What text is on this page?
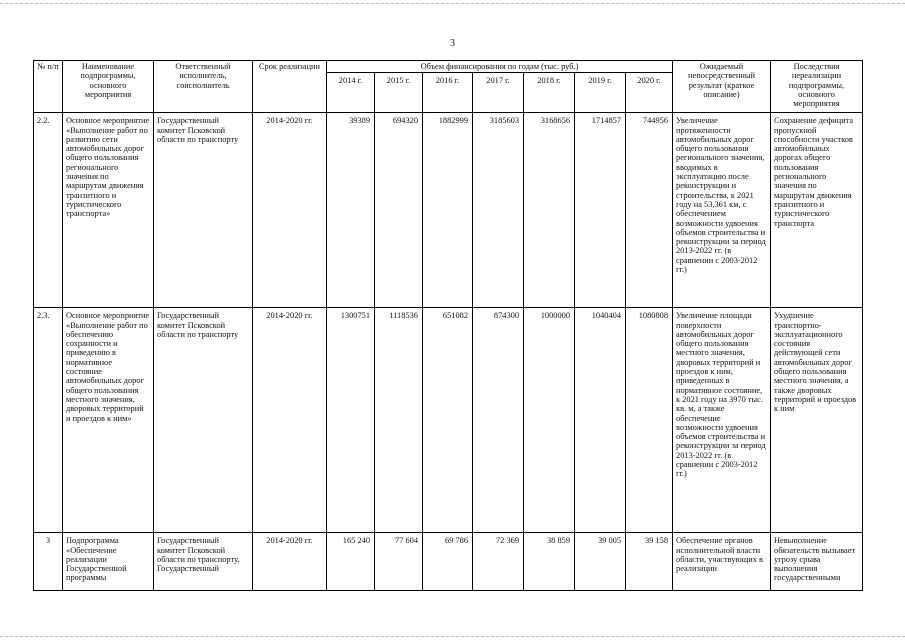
3
№ п/п	Наименование подпрограммы, основного мероприятия	Ответственный исполнитель, соисполнитель	Срок реализации	Объем финансирования по годам (тыс. руб.)							Ожидаемый непосредственный результат (краткое описание)	Последствия нереализации подпрограммы, основного мероприятия
				2014 г.	2015 г.	2016 г.	2017 г.	2018 г.	2019 г.	2020 г.		
2.2.	Основное мероприятие «Выполнение работ по развитию сети автомобильных дорог общего пользования регионального значения по маршрутам движения транзитного и туристического транспорта»	Государственный комитет Псковской области по транспорту	2014-2020 гг.	39389	694320	1882999	3185603	3168656	1714857	744956	Увеличение протяженности автомобильных дорог общего пользования регионального значения, вводимых в эксплуатацию после реконструкции и строительства, к 2021 году на 53,361 км, с обеспечением возможности удвоения объемов строительства и реконструкции за период 2013-2022 гг. (в сравнении с 2003-2012 гг.)	Сохранение дефицита пропускной способности участков автомобильных дорогах общего пользования регионального значения по маршрутам движения транзитного и туристического транспорта
2.3.	Основное мероприятие «Выполнение работ по обеспечению сохранности и приведению в нормативное состояние автомобильных дорог общего пользования местного значения, дворовых территорий и проездов к ним»	Государственный комитет Псковской области по транспорту	2014-2020 гг.	1300751	1118536	651082	874300	1000000	1040404	1080808	Увеличение площади поверхности автомобильных дорог общего пользования местного значения, дворовых территорий и проездов к ним, приведенных в нормативное состояние, к 2021 году на 3970 тыс. кв. м, а также обеспечение возможности удвоения объемов строительства и реконструкции за период 2013-2022 гг. (в сравнении с 2003-2012 гг.)	Ухудшение транспортно-эксплуатационного состояния действующей сети автомобильных дорог общего пользования местного значения, а также дворовых территорий и проездов к ним

3	Подпрограмма «Обеспечение реализации Государственной программы	Государственный комитет Псковской области по транспорту, Государственный	2014-2020 гг.	165 240	77 604	69 786	72 369	38 859	39 005	39 158	Обеспечение органов исполнительной власти области, участвующих в реализации	Невыполнение обязательств вызывает угрозу срыва выполнения государственными
